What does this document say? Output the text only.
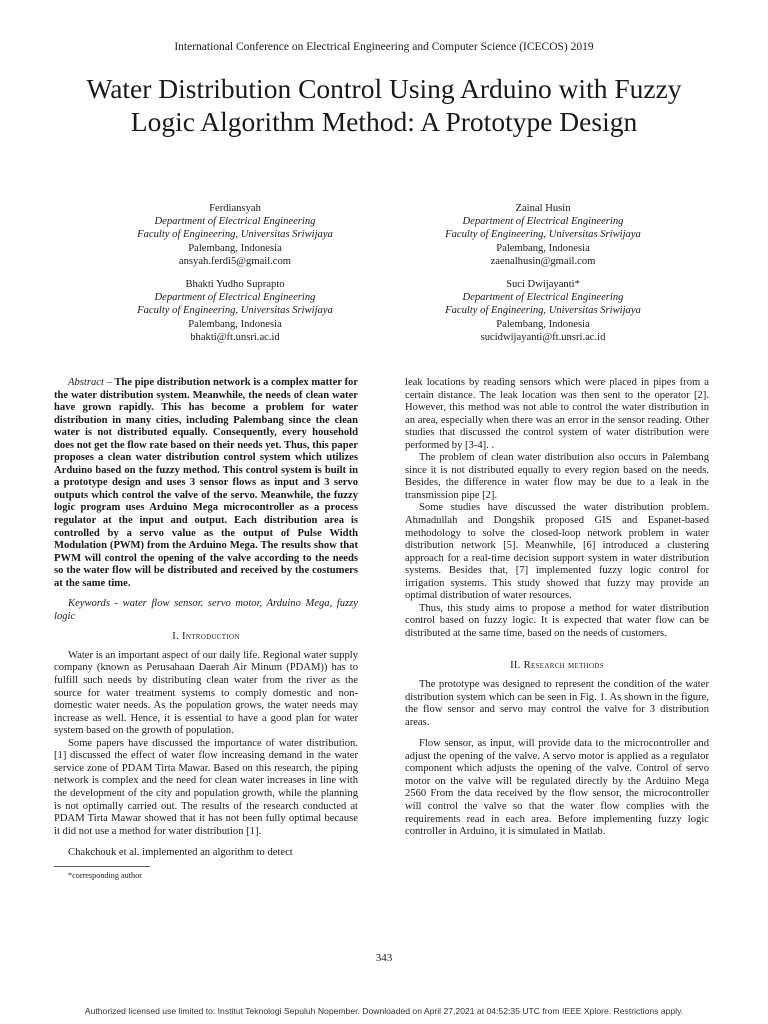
International Conference on Electrical Engineering and Computer Science (ICECOS) 2019
Water Distribution Control Using Arduino with Fuzzy Logic Algorithm Method: A Prototype Design
Ferdiansyah
Department of Electrical Engineering
Faculty of Engineering, Universitas Sriwijaya
Palembang, Indonesia
ansyah.ferdi5@gmail.com
Zainal Husin
Department of Electrical Engineering
Faculty of Engineering, Universitas Sriwijaya
Palembang, Indonesia
zaenalhusin@gmail.com
Bhakti Yudho Suprapto
Department of Electrical Engineering
Faculty of Engineering, Universitas Sriwijaya
Palembang, Indonesia
bhakti@ft.unsri.ac.id
Suci Dwijayanti*
Department of Electrical Engineering
Faculty of Engineering, Universitas Sriwijaya
Palembang, Indonesia
sucidwijayanti@ft.unsri.ac.id

Abstract – The pipe distribution network is a complex matter for the water distribution system. Meanwhile, the needs of clean water have grown rapidly. This has become a problem for water distribution in many cities, including Palembang since the clean water is not distributed equally. Consequently, every household does not get the flow rate based on their needs yet. Thus, this paper proposes a clean water distribution control system which utilizes Arduino based on the fuzzy method. This control system is built in a prototype design and uses 3 sensor flows as input and 3 servo outputs which control the valve of the servo. Meanwhile, the fuzzy logic program uses Arduino Mega microcontroller as a process regulator at the input and output. Each distribution area is controlled by a servo value as the output of Pulse Width Modulation (PWM) from the Arduino Mega. The results show that PWM will control the opening of the valve according to the needs so the water flow will be distributed and received by the costumers at the same time.

Keywords - water flow sensor. servo motor, Arduino Mega, fuzzy logic

I. Introduction

Water is an important aspect of our daily life. Regional water supply company (known as Perusahaan Daerah Air Minum (PDAM)) has to fulfill such needs by distributing clean water from the river as the source for water treatment systems to comply domestic and non-domestic water needs. As the population grows, the water needs may increase as well. Hence, it is essential to have a good plan for water system based on the growth of population.

Some papers have discussed the importance of water distribution. [1] discussed the effect of water flow increasing demand in the water service zone of PDAM Tirta Mawar. Based on this research, the piping network is complex and the need for clean water increases in line with the development of the city and population growth, while the planning is not optimally carried out. The results of the research conducted at PDAM Tirta Mawar showed that it has not been fully optimal because it did not use a method for water distribution [1].

Chakchouk et al. implemented an algorithm to detect

*corresponding author

leak locations by reading sensors which were placed in pipes from a certain distance. The leak location was then sent to the operator [2]. However, this method was not able to control the water distribution in an area, especially when there was an error in the sensor reading. Other studies that discussed the control system of water distribution were performed by [3-4]. .

The problem of clean water distribution also occurs in Palembang since it is not distributed equally to every region based on the needs. Besides, the difference in water flow may be due to a leak in the transmission pipe [2].

Some studies have discussed the water distribution problem. Ahmadullah and Dongshik proposed GIS and Espanet-based methodology to solve the closed-loop network problem in water distribution network [5]. Meanwhile, [6] introduced a clustering approach for a real-time decision support system in water distribution systems. Besides that, [7] implemented fuzzy logic control for irrigation systems. This study showed that fuzzy may provide an optimal distribution of water resources.

Thus, this study aims to propose a method for water distribution control based on fuzzy logic. It is expected that water flow can be distributed at the same time, based on the needs of customers.

II. Research methods

The prototype was designed to represent the condition of the water distribution system which can be seen in Fig. 1. As shown in the figure, the flow sensor and servo may control the valve for 3 distribution areas.

Flow sensor, as input, will provide data to the microcontroller and adjust the opening of the valve. A servo motor is applied as a regulator component which adjusts the opening of the valve. Control of servo motor on the valve will be regulated directly by the Arduino Mega 2560 From the data received by the flow sensor, the microcontroller will control the valve so that the water flow complies with the requirements read in each area. Before implementing fuzzy logic controller in Arduino, it is simulated in Matlab.

343
Authorized licensed use limited to: Institut Teknologi Sepuluh Nopember. Downloaded on April 27,2021 at 04:52:35 UTC from IEEE Xplore. Restrictions apply.
